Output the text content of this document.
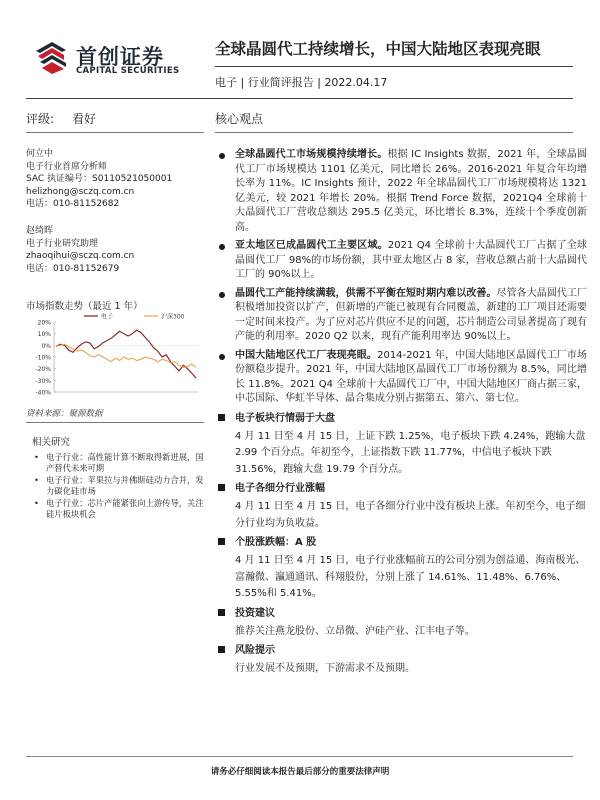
首创证券
CAPITAL SECURITIES
全球晶圆代工持续增长，中国大陆地区表现亮眼
电子 | 行业简评报告 | 2022.04.17
评级: 看好	核心观点
何立中
电子行业首席分析师
SAC 执证编号：S0110521050001
helizhong@sczq.com.cn
电话：010-81152682
赵绮晖
电子行业研究助理
zhaoqihui@sczq.com.cn
电话：010-81152679
市场指数走势（最近 1 年）
20%
10%
0%
-10%
-20%
-30%
-40%
电子	沪深300
资料来源：聚源数据
相关研究
• 电子行业：高性能计算不断取得新进展，国产替代未来可期
• 电子行业：苹果拉与并佛斯硅动力合并，发力碳化硅市场
• 电子行业：芯片产能紧张向上游传导，关注硅片板块机会
全球晶圆代工市场规模持续增长。根据 IC Insights 数据，2021 年，全球晶圆代工厂市场规模达 1101 亿美元，同比增长 26%。2016-2021 年复合年均增长率为 11%。IC Insights 预计，2022 年全球晶圆代工厂市场规模将达 1321 亿美元，较 2021 年增长 20%。根据 Trend Force 数据，2021Q4 全球前十大晶圆代工厂营收总额达 295.5 亿美元，环比增长 8.3%，连续十个季度创新高。
亚太地区已成晶圆代工主要区域。2021 Q4 全球前十大晶圆代工厂占据了全球晶圆代工厂 98%的市场份额，其中亚太地区占 8 家，营收总额占前十大晶圆代工厂的 90%以上。
晶圆代工产能持续满载，供需不平衡在短时期内难以改善。尽管各大晶圆代工厂积极增加投资以扩产，但新增的产能已被现有合同覆盖，新建的工厂项目还需要一定时间来投产。为了应对芯片供应不足的问题，芯片制造公司显著提高了现有产能的利用率。2020 Q2 以来，现有产能利用率达 90%以上。
中国大陆地区代工厂表现亮眼。2014-2021 年，中国大陆地区晶圆代工厂市场份额稳步提升。2021 年，中国大陆地区晶圆代工厂市场份额为 8.5%，同比增长 11.8%。2021 Q4 全球前十大晶圆代工厂中，中国大陆地区厂商占据三家，中芯国际、华虹半导体、晶合集成分别占据第五、第六、第七位。
电子板块行情弱于大盘
4 月 11 日至 4 月 15 日，上证下跌 1.25%，电子板块下跌 4.24%，跑输大盘 2.99 个百分点。年初至今，上证指数下跌 11.77%，中信电子板块下跌 31.56%，跑输大盘 19.79 个百分点。
电子各细分行业涨幅
4 月 11 日至 4 月 15 日，电子各细分行业中没有板块上涨。年初至今，电子细分行业均为负收益。
个股涨跌幅：A 股
4 月 11 日至 4 月 15 日，电子行业涨幅前五的公司分别为创益通、海南极光、富瀚微、瀛通通讯、科翔股份，分别上涨了 14.61%、11.48%、6.76%、5.55%和 5.41%。
投资建议
推荐关注燕龙股份、立昂微、沪硅产业、江丰电子等。
风险提示
行业发展不及预期，下游需求不及预期。
请务必仔细阅读本报告最后部分的重要法律声明
